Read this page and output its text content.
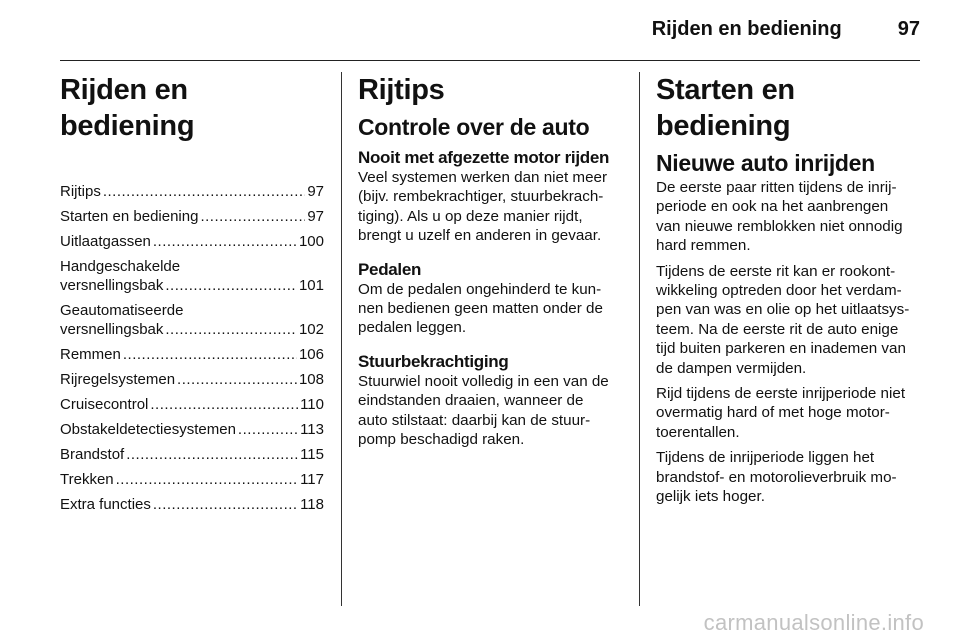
Rijden en bediening	97
Rijden en bediening
Rijtips .....	97
Starten en bediening .....	97
Uitlaatgassen .....	100
Handgeschakelde
versnellingsbak .....	101
Geautomatiseerde
versnellingsbak .....	102
Remmen .....	106
Rijregelsystemen .....	108
Cruisecontrol .....	110
Obstakeldetectiesystemen .....	113
Brandstof .....	115
Trekken .....	117
Extra functies .....	118
Rijtips
Controle over de auto
Nooit met afgezette motor rijden
Veel systemen werken dan niet meer
(bijv. rembekrachtiger, stuurbekrach-
tiging). Als u op deze manier rijdt,
brengt u uzelf en anderen in gevaar.
Pedalen
Om de pedalen ongehinderd te kun-
nen bedienen geen matten onder de
pedalen leggen.
Stuurbekrachtiging
Stuurwiel nooit volledig in een van de
eindstanden draaien, wanneer de
auto stilstaat: daarbij kan de stuur-
pomp beschadigd raken.
Starten en bediening
Nieuwe auto inrijden
De eerste paar ritten tijdens de inrij-
periode en ook na het aanbrengen
van nieuwe remblokken niet onnodig
hard remmen.
Tijdens de eerste rit kan er rookont-
wikkeling optreden door het verdam-
pen van was en olie op het uitlaatsys-
teem. Na de eerste rit de auto enige
tijd buiten parkeren en inademen van
de dampen vermijden.
Rijd tijdens de eerste inrijperiode niet
overmatig hard of met hoge motor-
toerentallen.
Tijdens de inrijperiode liggen het
brandstof- en motorolieverbruik mo-
gelijk iets hoger.
carmanualsonline.info
